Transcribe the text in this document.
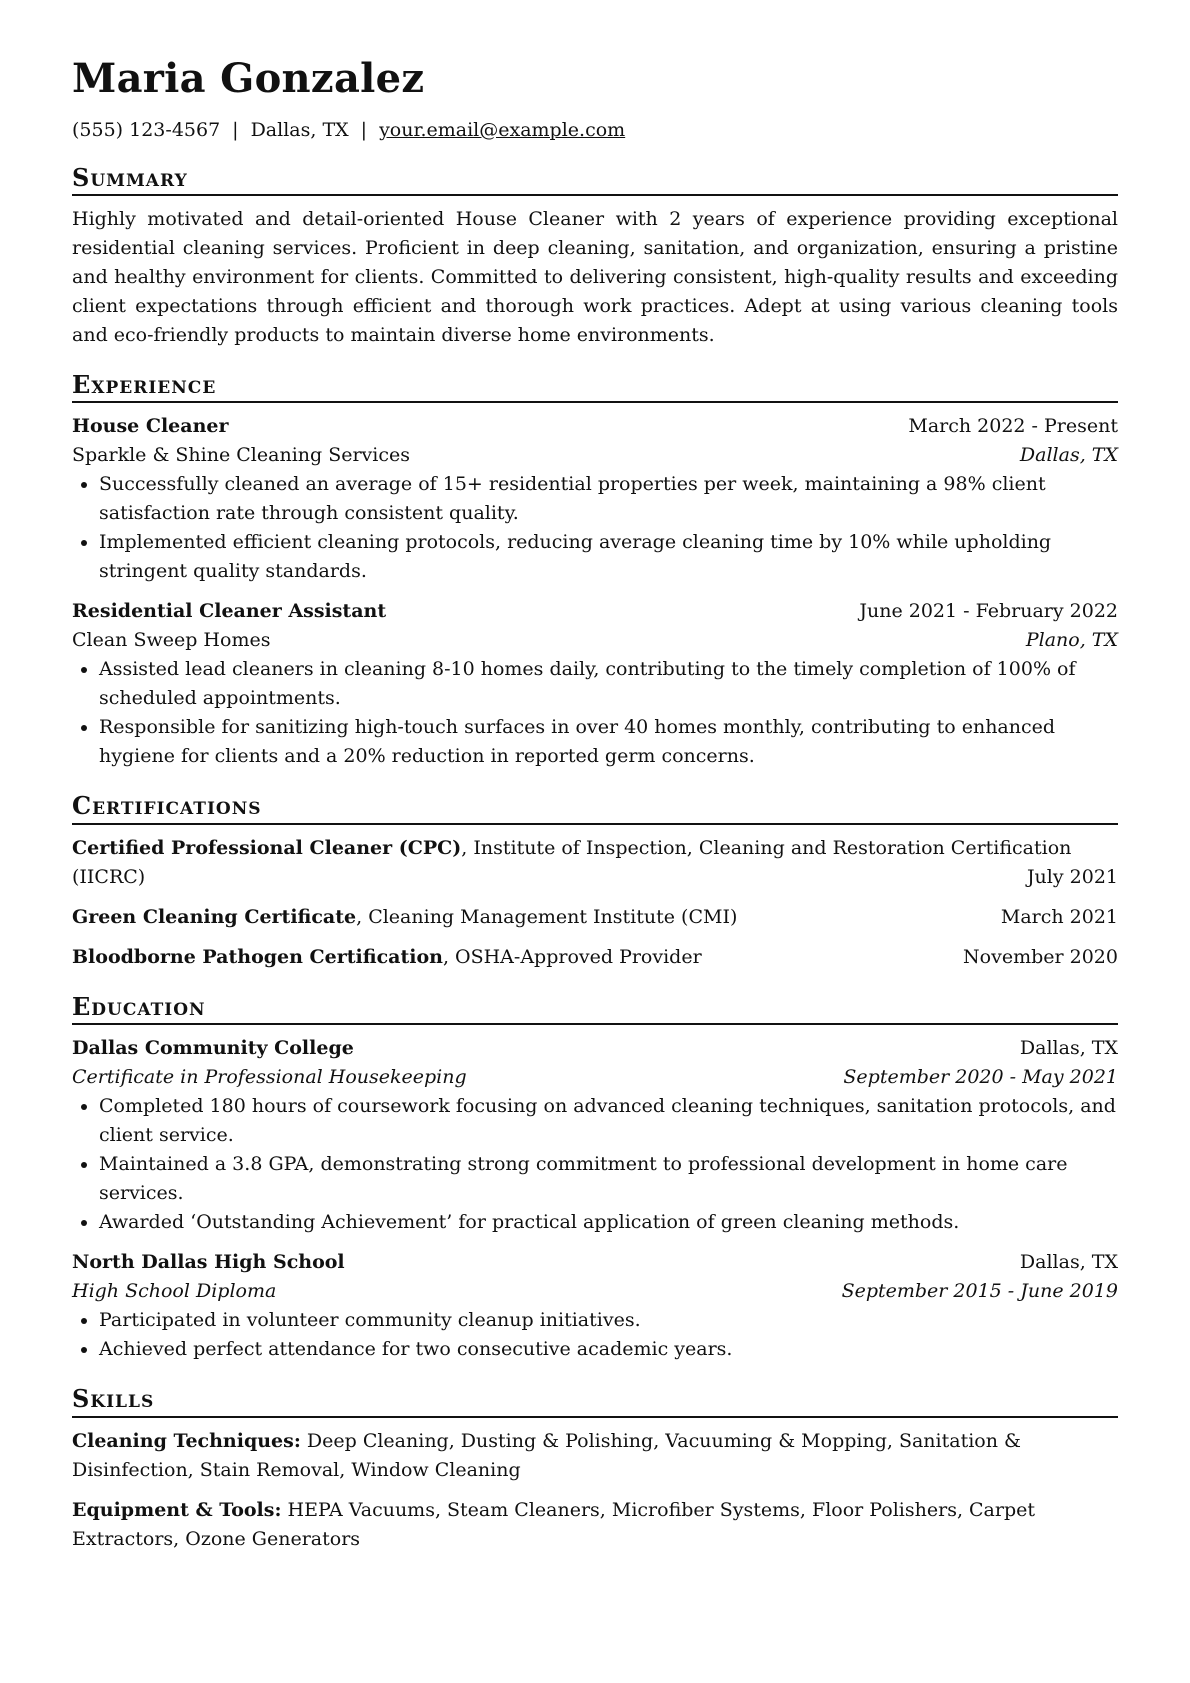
Maria Gonzalez
(555) 123-4567 | Dallas, TX | your.email@example.com
Summary
Highly motivated and detail-oriented House Cleaner with 2 years of experience providing exceptional residential cleaning services. Proficient in deep cleaning, sanitation, and organization, ensuring a pristine and healthy environment for clients. Committed to delivering consistent, high-quality results and exceeding client expectations through efficient and thorough work practices. Adept at using various cleaning tools and eco-friendly products to maintain diverse home environments.
Experience
House Cleaner	March 2022 - Present
Sparkle & Shine Cleaning Services	Dallas, TX
• Successfully cleaned an average of 15+ residential properties per week, maintaining a 98% client satisfaction rate through consistent quality.
• Implemented efficient cleaning protocols, reducing average cleaning time by 10% while upholding stringent quality standards.
Residential Cleaner Assistant	June 2021 - February 2022
Clean Sweep Homes	Plano, TX
• Assisted lead cleaners in cleaning 8-10 homes daily, contributing to the timely completion of 100% of scheduled appointments.
• Responsible for sanitizing high-touch surfaces in over 40 homes monthly, contributing to enhanced hygiene for clients and a 20% reduction in reported germ concerns.
Certifications
Certified Professional Cleaner (CPC), Institute of Inspection, Cleaning and Restoration Certification
(IICRC)	July 2021
Green Cleaning Certificate, Cleaning Management Institute (CMI)	March 2021
Bloodborne Pathogen Certification, OSHA-Approved Provider	November 2020
Education
Dallas Community College	Dallas, TX
Certificate in Professional Housekeeping	September 2020 - May 2021
• Completed 180 hours of coursework focusing on advanced cleaning techniques, sanitation protocols, and client service.
• Maintained a 3.8 GPA, demonstrating strong commitment to professional development in home care services.
• Awarded ‘Outstanding Achievement’ for practical application of green cleaning methods.
North Dallas High School	Dallas, TX
High School Diploma	September 2015 - June 2019
• Participated in volunteer community cleanup initiatives.
• Achieved perfect attendance for two consecutive academic years.
Skills
Cleaning Techniques: Deep Cleaning, Dusting & Polishing, Vacuuming & Mopping, Sanitation & Disinfection, Stain Removal, Window Cleaning
Equipment & Tools: HEPA Vacuums, Steam Cleaners, Microfiber Systems, Floor Polishers, Carpet Extractors, Ozone Generators
